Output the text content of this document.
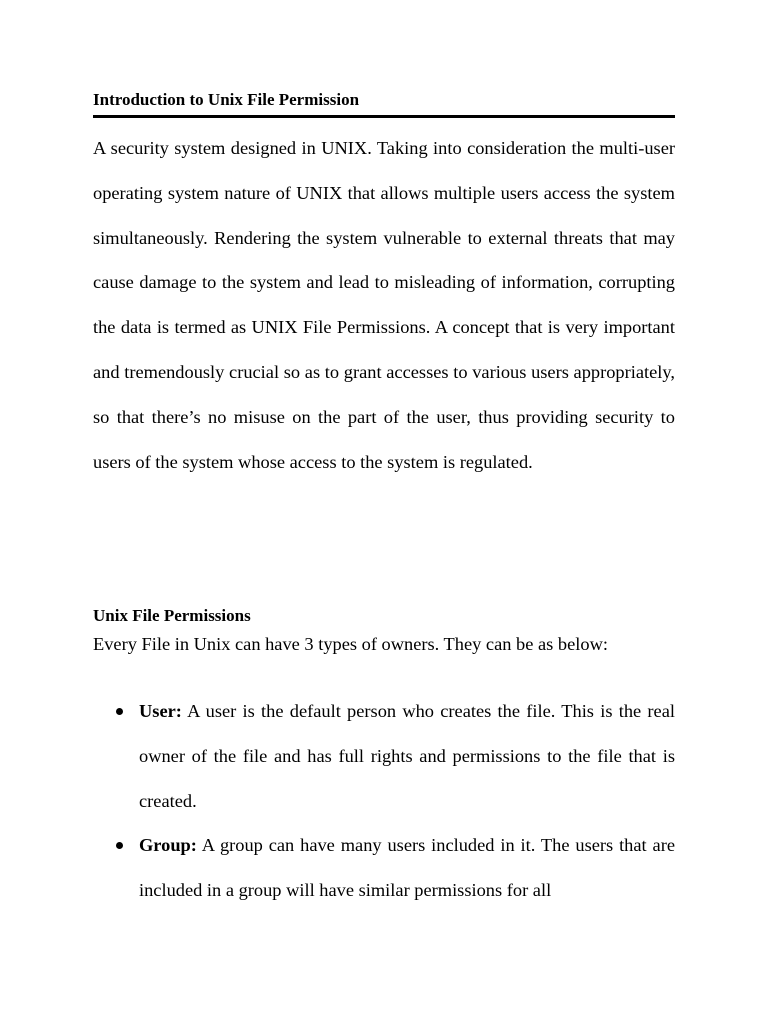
Introduction to Unix File Permission

A security system designed in UNIX. Taking into consideration the multi-user operating system nature of UNIX that allows multiple users access the system simultaneously. Rendering the system vulnerable to external threats that may cause damage to the system and lead to misleading of information, corrupting the data is termed as UNIX File Permissions. A concept that is very important and tremendously crucial so as to grant accesses to various users appropriately, so that there’s no misuse on the part of the user, thus providing security to users of the system whose access to the system is regulated.

Unix File Permissions
Every File in Unix can have 3 types of owners. They can be as below:
User: A user is the default person who creates the file. This is the real owner of the file and has full rights and permissions to the file that is created.
Group: A group can have many users included in it. The users that are included in a group will have similar permissions for all
